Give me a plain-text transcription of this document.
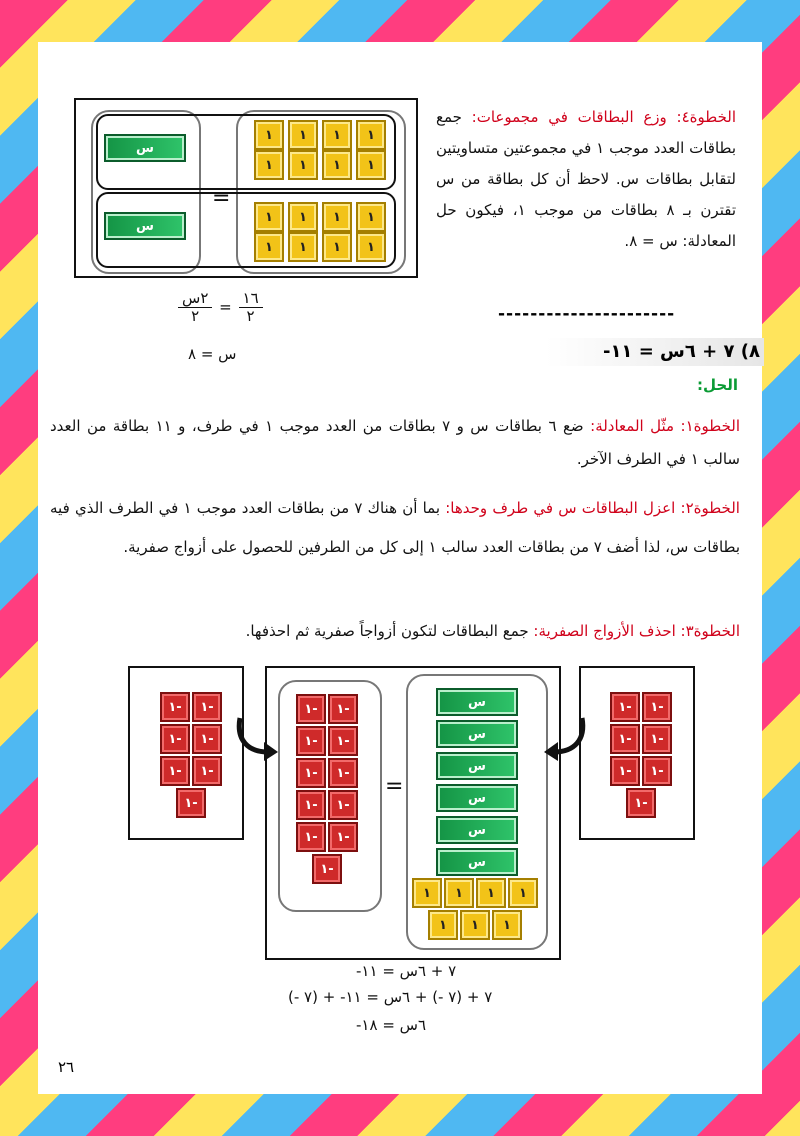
س
س
=
١	١	١	١
١	١	١	١
١	١	١	١
١	١	١	١
$\frac{١٦}{٢}$
=
$\frac{\text{٢س}}{٢}$
س = ٨
الخطوة٤: وزع البطاقات في مجموعات: جمع بطاقات العدد موجب ١ في مجموعتين متساويتين لتقابل بطاقات س. لاحظ أن كل بطاقة من س تقترن بـ ٨ بطاقات من موجب ١، فيكون حل المعادلة: س = ٨.
----------------------
٨) ٧ + ٦س = ١١-
الحل:
الخطوة١: مثّل المعادلة: ضع ٦ بطاقات س و ٧ بطاقات من العدد موجب ١ في طرف، و ١١ بطاقة من العدد سالب ١ في الطرف الآخر.
الخطوة٢: اعزل البطاقات س في طرف وحدها: بما أن هناك ٧ من بطاقات العدد موجب ١ في الطرف الذي فيه بطاقات س، لذا أضف ٧ من بطاقات العدد سالب ١ إلى كل من الطرفين للحصول على أزواج صفرية.
الخطوة٣: احذف الأزواج الصفرية: جمع البطاقات لتكون أزواجاً صفرية ثم احذفها.
=
٧ + ٦س = ١١-
٧ + (٧ -) + ٦س = ١١- + (٧ -)
٦س = ١٨-
٢٦
١-	١-
١-	١-
١-	١-
١-
١-	١-
١-	١-
١-	١-
١-
١-	١-
١-	١-
١-	١-
١-	١-
١-	١-
١-
س
س
س
س
س
س
١	١	١	١
١	١	١
